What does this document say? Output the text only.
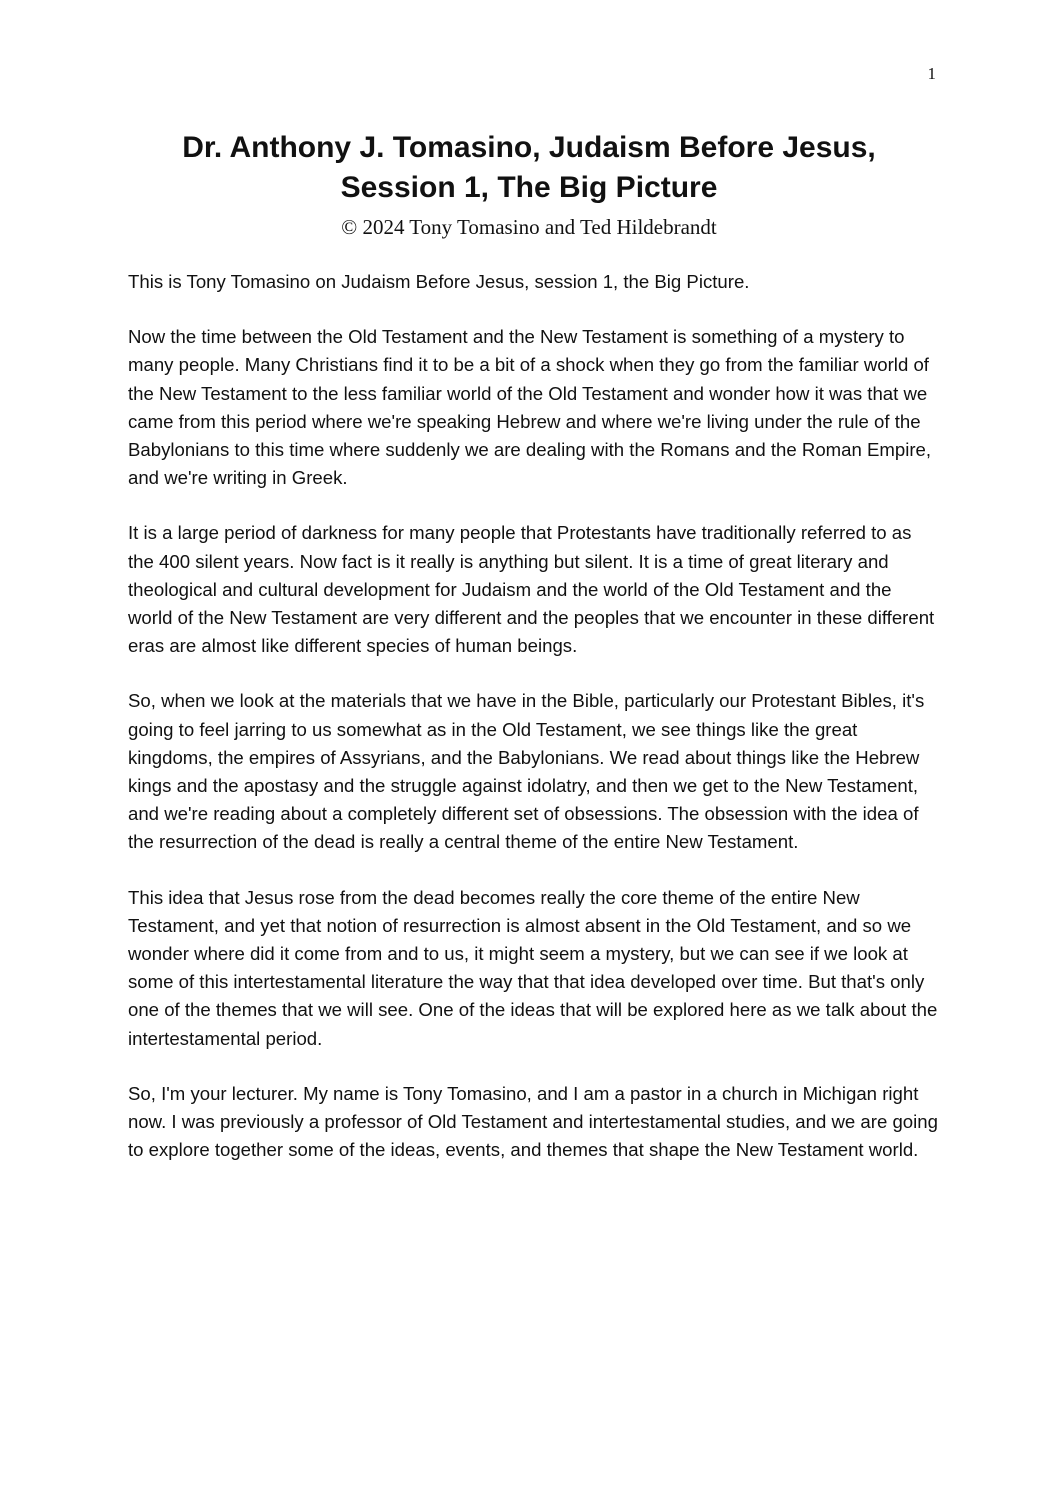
1
Dr. Anthony J. Tomasino, Judaism Before Jesus,
Session 1, The Big Picture
© 2024 Tony Tomasino and Ted Hildebrandt

This is Tony Tomasino on Judaism Before Jesus, session 1, the Big Picture.

Now the time between the Old Testament and the New Testament is something of a mystery to many people. Many Christians find it to be a bit of a shock when they go from the familiar world of the New Testament to the less familiar world of the Old Testament and wonder how it was that we came from this period where we're speaking Hebrew and where we're living under the rule of the Babylonians to this time where suddenly we are dealing with the Romans and the Roman Empire, and we're writing in Greek.

It is a large period of darkness for many people that Protestants have traditionally referred to as the 400 silent years. Now fact is it really is anything but silent. It is a time of great literary and theological and cultural development for Judaism and the world of the Old Testament and the world of the New Testament are very different and the peoples that we encounter in these different eras are almost like different species of human beings.

So, when we look at the materials that we have in the Bible, particularly our Protestant Bibles, it's going to feel jarring to us somewhat as in the Old Testament, we see things like the great kingdoms, the empires of Assyrians, and the Babylonians. We read about things like the Hebrew kings and the apostasy and the struggle against idolatry, and then we get to the New Testament, and we're reading about a completely different set of obsessions. The obsession with the idea of the resurrection of the dead is really a central theme of the entire New Testament.

This idea that Jesus rose from the dead becomes really the core theme of the entire New Testament, and yet that notion of resurrection is almost absent in the Old Testament, and so we wonder where did it come from and to us, it might seem a mystery, but we can see if we look at some of this intertestamental literature the way that that idea developed over time. But that's only one of the themes that we will see. One of the ideas that will be explored here as we talk about the intertestamental period.

So, I'm your lecturer. My name is Tony Tomasino, and I am a pastor in a church in Michigan right now. I was previously a professor of Old Testament and intertestamental studies, and we are going to explore together some of the ideas, events, and themes that shape the New Testament world.
